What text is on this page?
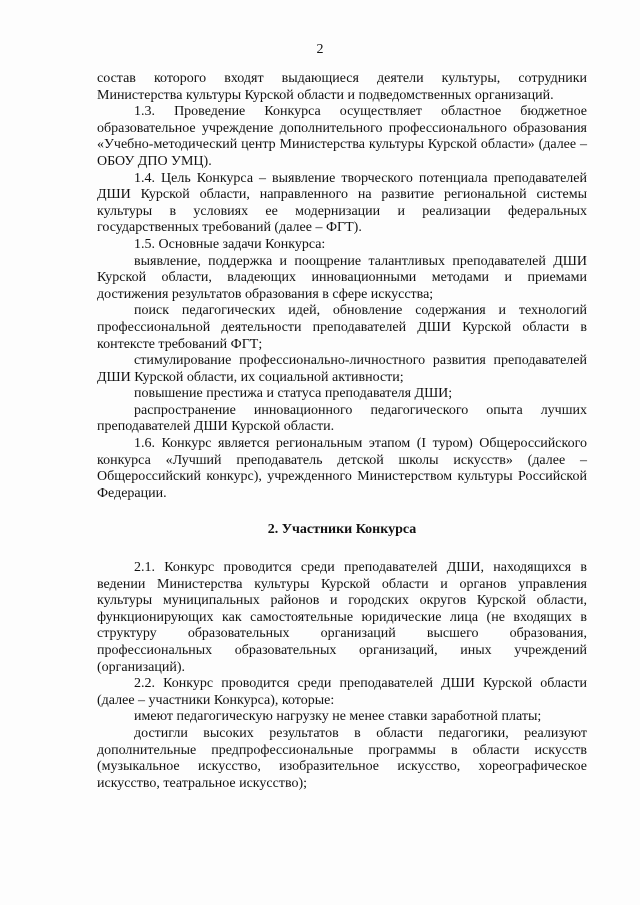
2

состав которого входят выдающиеся деятели культуры, сотрудники Министерства культуры Курской области и подведомственных организаций.

1.3. Проведение Конкурса осуществляет областное бюджетное образовательное учреждение дополнительного профессионального образования «Учебно-методический центр Министерства культуры Курской области» (далее – ОБОУ ДПО УМЦ).

1.4. Цель Конкурса – выявление творческого потенциала преподавателей ДШИ Курской области, направленного на развитие региональной системы культуры в условиях ее модернизации и реализации федеральных государственных требований (далее – ФГТ).

1.5. Основные задачи Конкурса:

выявление, поддержка и поощрение талантливых преподавателей ДШИ Курской области, владеющих инновационными методами и приемами достижения результатов образования в сфере искусства;

поиск педагогических идей, обновление содержания и технологий профессиональной деятельности преподавателей ДШИ Курской области в контексте требований ФГТ;

стимулирование профессионально-личностного развития преподавателей ДШИ Курской области, их социальной активности;

повышение престижа и статуса преподавателя ДШИ;

распространение инновационного педагогического опыта лучших преподавателей ДШИ Курской области.

1.6. Конкурс является региональным этапом (I туром) Общероссийского конкурса «Лучший преподаватель детской школы искусств» (далее – Общероссийский конкурс), учрежденного Министерством культуры Российской Федерации.

2. Участники Конкурса

2.1. Конкурс проводится среди преподавателей ДШИ, находящихся в ведении Министерства культуры Курской области и органов управления культуры муниципальных районов и городских округов Курской области, функционирующих как самостоятельные юридические лица (не входящих в структуру образовательных организаций высшего образования, профессиональных образовательных организаций, иных учреждений (организаций).

2.2. Конкурс проводится среди преподавателей ДШИ Курской области (далее – участники Конкурса), которые:

имеют педагогическую нагрузку не менее ставки заработной платы;

достигли высоких результатов в области педагогики, реализуют дополнительные предпрофессиональные программы в области искусств (музыкальное искусство, изобразительное искусство, хореографическое искусство, театральное искусство);
